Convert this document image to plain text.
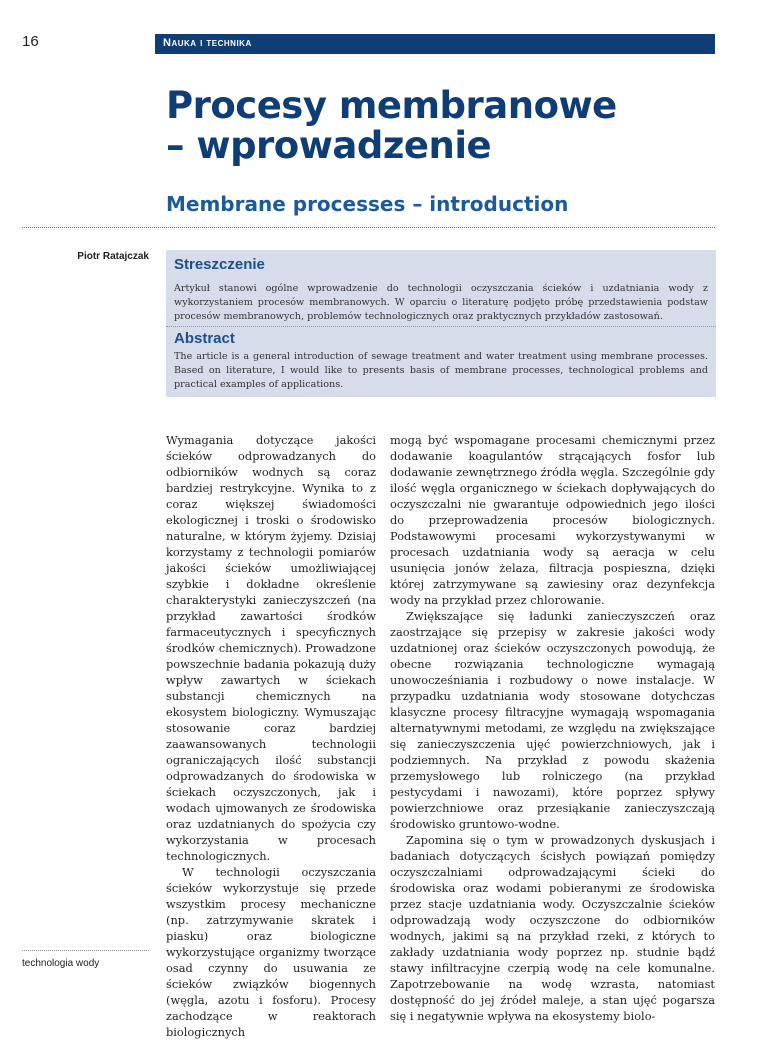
16	Nauka i technika
Procesy membranowe
– wprowadzenie
Membrane processes – introduction
Piotr Ratajczak Streszczenie

Artykuł stanowi ogólne wprowadzenie do technologii oczyszczania ścieków i uzdatniania wody z wykorzystaniem procesów membranowych. W oparciu o literaturę podjęto próbę przedstawienia podstaw procesów membranowych, problemów technologicznych oraz praktycznych przykładów zastosowań.

Abstract

The article is a general introduction of sewage treatment and water treatment using membrane processes. Based on literature, I would like to presents basis of membrane processes, technological problems and practical examples of applications.

Wymagania dotyczące jakości ścieków odprowadzanych do odbiorników wodnych są coraz bardziej restrykcyjne. Wynika to z coraz większej świadomości ekologicznej i troski o środowisko naturalne, w którym żyjemy. Dzisiaj korzystamy z technologii pomiarów jakości ścieków umożliwiającej szybkie i dokładne określenie charakterystyki zanieczyszczeń (na przykład zawartości środków farmaceutycznych i specyficznych środków chemicznych). Prowadzone powszechnie badania pokazują duży wpływ zawartych w ściekach substancji chemicznych na ekosystem biologiczny. Wymuszając stosowanie coraz bardziej zaawansowanych technologii ograniczających ilość substancji odprowadzanych do środowiska w ściekach oczyszczonych, jak i wodach ujmowanych ze środowiska oraz uzdatnianych do spożycia czy wykorzystania w procesach technologicznych.

W technologii oczyszczania ścieków wykorzystuje się przede wszystkim procesy mechaniczne (np. zatrzymywanie skratek i piasku) oraz biologiczne wykorzystujące organizmy tworzące osad czynny do usuwania ze ścieków związków biogennych (węgla, azotu i fosforu). Procesy zachodzące w reaktorach biologicznych

mogą być wspomagane procesami chemicznymi przez dodawanie koagulantów strącających fosfor lub dodawanie zewnętrznego źródła węgla. Szczególnie gdy ilość węgla organicznego w ściekach dopływających do oczyszczalni nie gwarantuje odpowiednich jego ilości do przeprowadzenia procesów biologicznych. Podstawowymi procesami wykorzystywanymi w procesach uzdatniania wody są aeracja w celu usunięcia jonów żelaza, filtracja pospieszna, dzięki której zatrzymywane są zawiesiny oraz dezynfekcja wody na przykład przez chlorowanie.

Zwiększające się ładunki zanieczyszczeń oraz zaostrzające się przepisy w zakresie jakości wody uzdatnionej oraz ścieków oczyszczonych powodują, że obecne rozwiązania technologiczne wymagają unowocześniania i rozbudowy o nowe instalacje. W przypadku uzdatniania wody stosowane dotychczas klasyczne procesy filtracyjne wymagają wspomagania alternatywnymi metodami, ze względu na zwiększające się zanieczyszczenia ujęć powierzchniowych, jak i podziemnych. Na przykład z powodu skażenia przemysłowego lub rolniczego (na przykład pestycydami i nawozami), które poprzez spływy powierzchniowe oraz przesiąkanie zanieczyszczają środowisko gruntowo-wodne.

Zapomina się o tym w prowadzonych dyskusjach i badaniach dotyczących ścisłych powiązań pomiędzy oczyszczalniami odprowadzającymi ścieki do środowiska oraz wodami pobieranymi ze środowiska przez stacje uzdatniania wody. Oczyszczalnie ścieków odprowadzają wody oczyszczone do odbiorników wodnych, jakimi są na przykład rzeki, z których to zakłady uzdatniania wody poprzez np. studnie bądź stawy infiltracyjne czerpią wodę na cele komunalne. Zapotrzebowanie na wodę wzrasta, natomiast dostępność do jej źródeł maleje, a stan ujęć pogarsza się i negatywnie wpływa na ekosystemy biolo-

technologia wody
